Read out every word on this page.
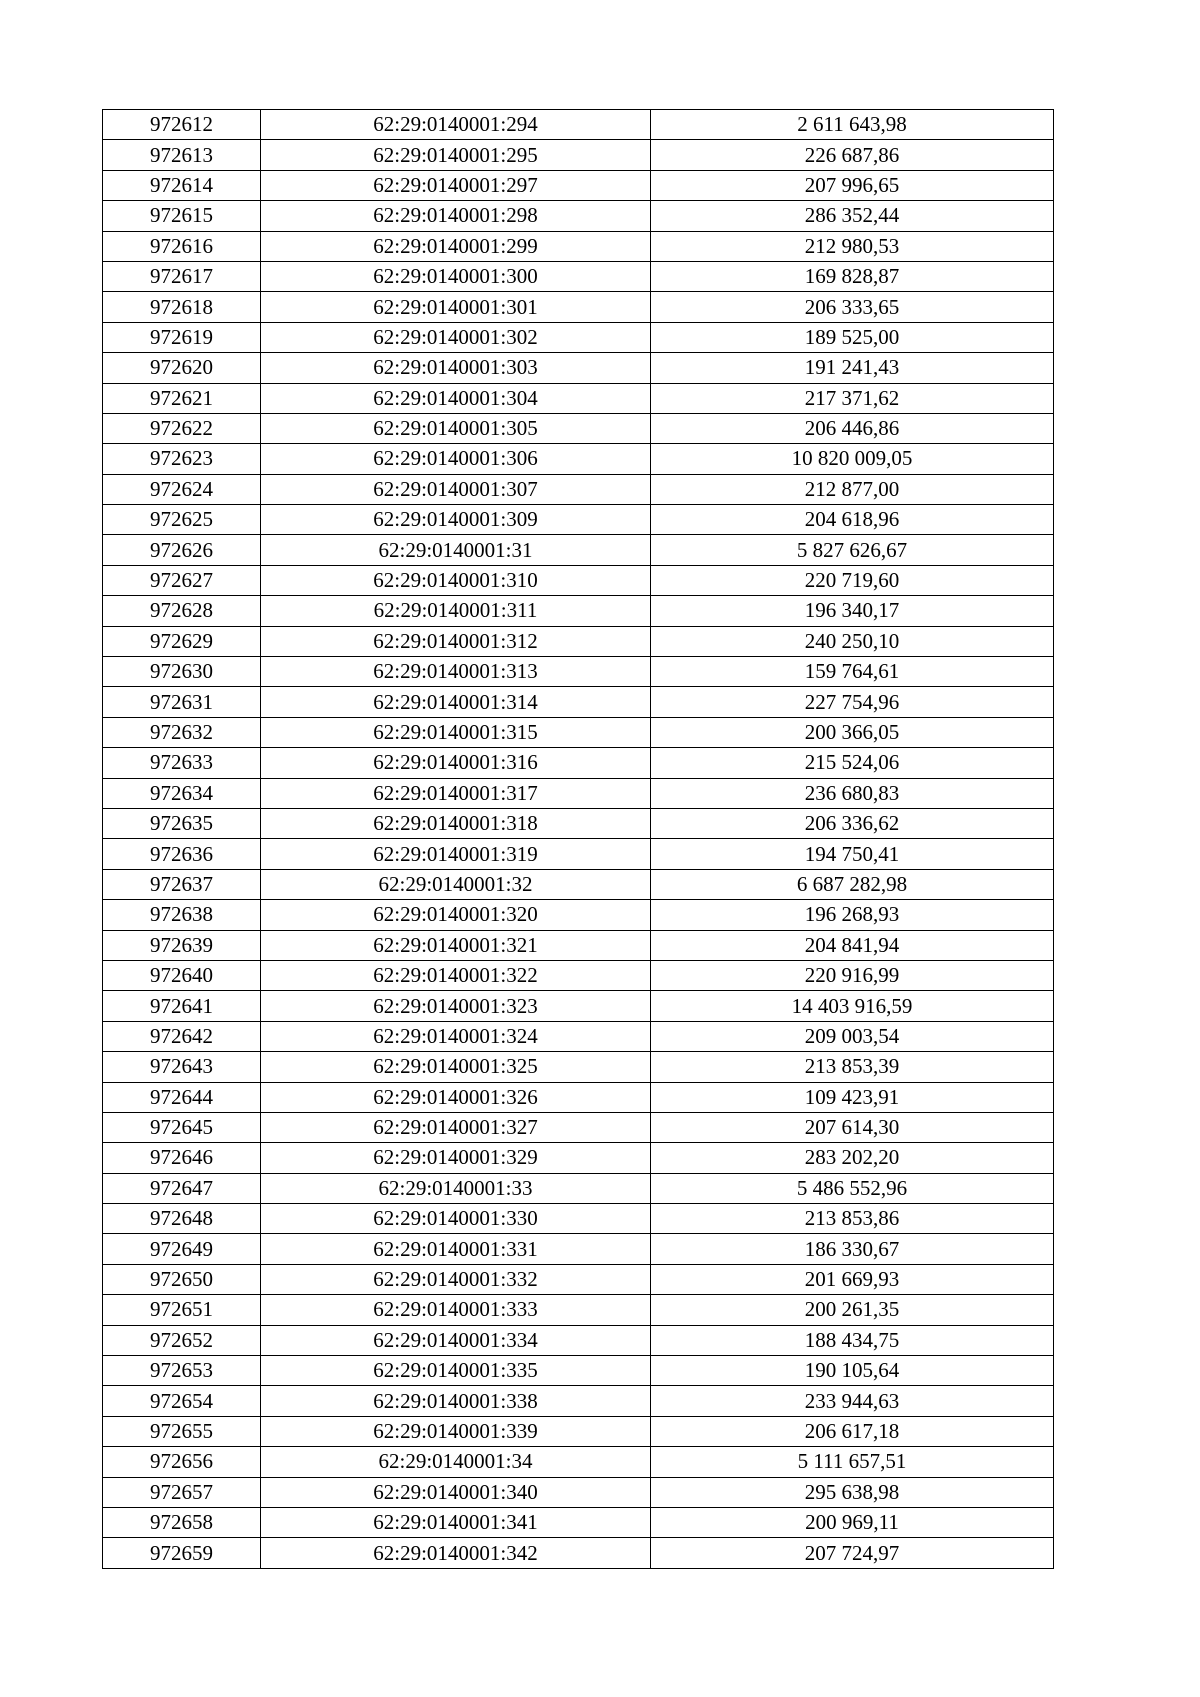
972612	62:29:0140001:294	2 611 643,98
972613	62:29:0140001:295	226 687,86
972614	62:29:0140001:297	207 996,65
972615	62:29:0140001:298	286 352,44
972616	62:29:0140001:299	212 980,53
972617	62:29:0140001:300	169 828,87
972618	62:29:0140001:301	206 333,65
972619	62:29:0140001:302	189 525,00
972620	62:29:0140001:303	191 241,43
972621	62:29:0140001:304	217 371,62
972622	62:29:0140001:305	206 446,86
972623	62:29:0140001:306	10 820 009,05
972624	62:29:0140001:307	212 877,00
972625	62:29:0140001:309	204 618,96
972626	62:29:0140001:31	5 827 626,67
972627	62:29:0140001:310	220 719,60
972628	62:29:0140001:311	196 340,17
972629	62:29:0140001:312	240 250,10
972630	62:29:0140001:313	159 764,61
972631	62:29:0140001:314	227 754,96
972632	62:29:0140001:315	200 366,05
972633	62:29:0140001:316	215 524,06
972634	62:29:0140001:317	236 680,83
972635	62:29:0140001:318	206 336,62
972636	62:29:0140001:319	194 750,41
972637	62:29:0140001:32	6 687 282,98
972638	62:29:0140001:320	196 268,93
972639	62:29:0140001:321	204 841,94
972640	62:29:0140001:322	220 916,99
972641	62:29:0140001:323	14 403 916,59
972642	62:29:0140001:324	209 003,54
972643	62:29:0140001:325	213 853,39
972644	62:29:0140001:326	109 423,91
972645	62:29:0140001:327	207 614,30
972646	62:29:0140001:329	283 202,20
972647	62:29:0140001:33	5 486 552,96
972648	62:29:0140001:330	213 853,86
972649	62:29:0140001:331	186 330,67
972650	62:29:0140001:332	201 669,93
972651	62:29:0140001:333	200 261,35
972652	62:29:0140001:334	188 434,75
972653	62:29:0140001:335	190 105,64
972654	62:29:0140001:338	233 944,63
972655	62:29:0140001:339	206 617,18
972656	62:29:0140001:34	5 111 657,51
972657	62:29:0140001:340	295 638,98
972658	62:29:0140001:341	200 969,11
972659	62:29:0140001:342	207 724,97
